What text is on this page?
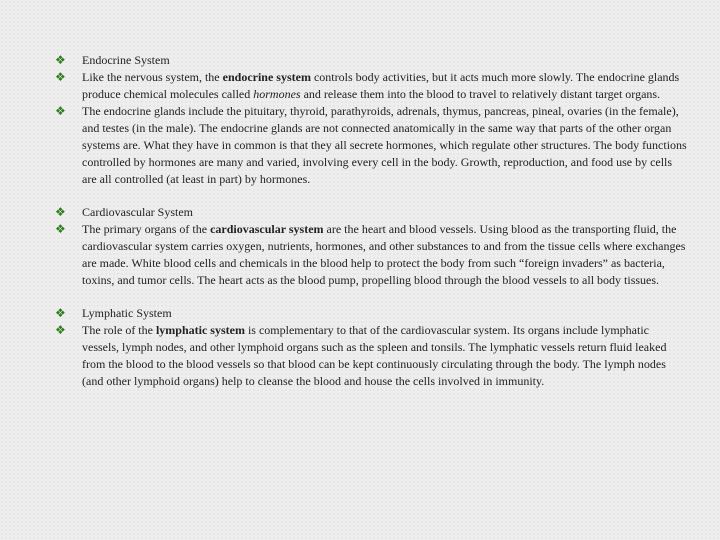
❖	Endocrine System
❖	Like the nervous system, the endocrine system controls body activities, but it acts much more slowly. The endocrine glands produce chemical molecules called hormones and release them into the blood to travel to relatively distant target organs.
❖	The endocrine glands include the pituitary, thyroid, parathyroids, adrenals, thymus, pancreas, pineal, ovaries (in the female), and testes (in the male). The endocrine glands are not connected anatomically in the same way that parts of the other organ systems are. What they have in common is that they all secrete hormones, which regulate other structures. The body functions controlled by hormones are many and varied, involving every cell in the body. Growth, reproduction, and food use by cells are all controlled (at least in part) by hormones.
❖	Cardiovascular System
❖	The primary organs of the cardiovascular system are the heart and blood vessels. Using blood as the transporting fluid, the cardiovascular system carries oxygen, nutrients, hormones, and other substances to and from the tissue cells where exchanges are made. White blood cells and chemicals in the blood help to protect the body from such “foreign invaders” as bacteria, toxins, and tumor cells. The heart acts as the blood pump, propelling blood through the blood vessels to all body tissues.
❖	Lymphatic System
❖	The role of the lymphatic system is complementary to that of the cardiovascular system. Its organs include lymphatic vessels, lymph nodes, and other lymphoid organs such as the spleen and tonsils. The lymphatic vessels return fluid leaked from the blood to the blood vessels so that blood can be kept continuously circulating through the body. The lymph nodes (and other lymphoid organs) help to cleanse the blood and house the cells involved in immunity.
